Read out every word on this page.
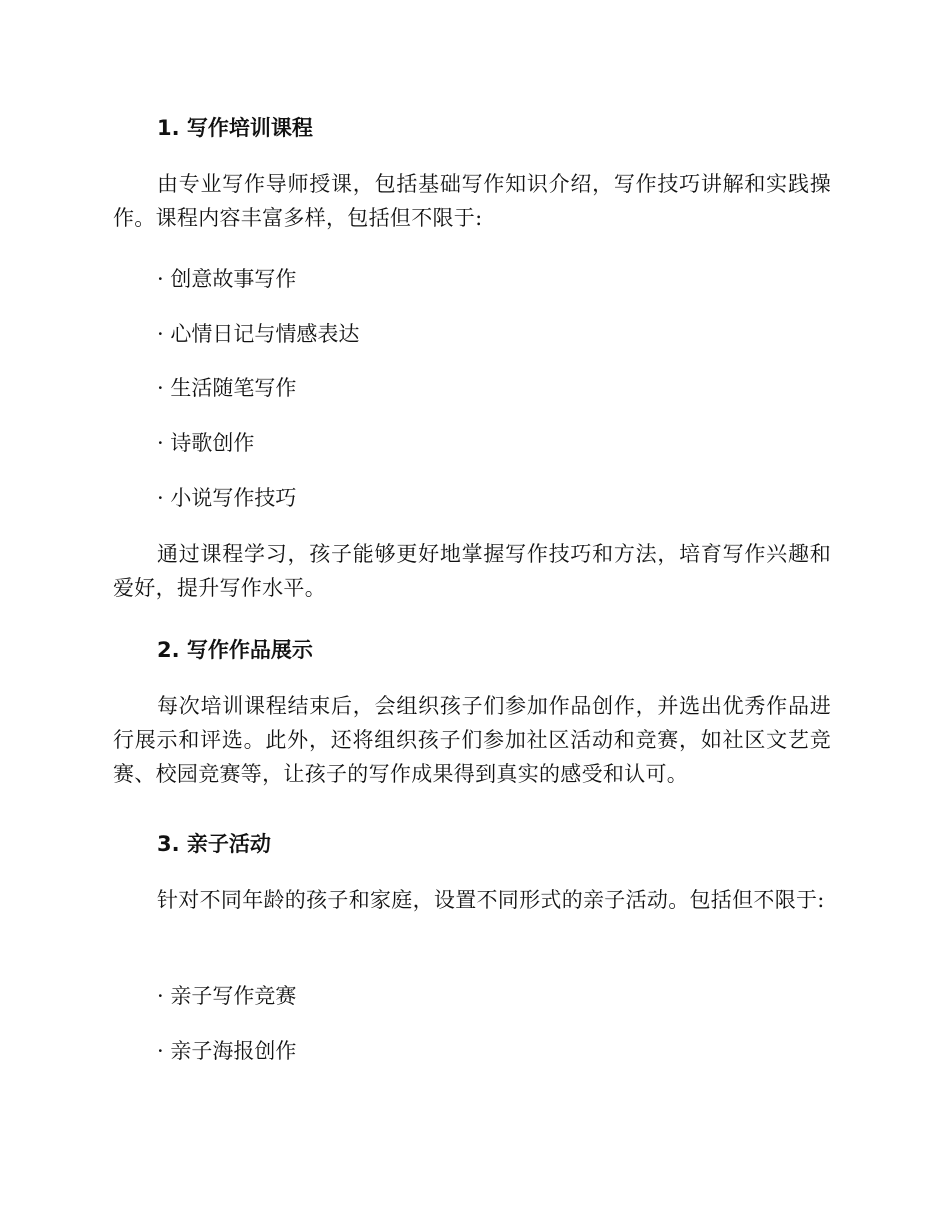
1. 写作培训课程

由专业写作导师授课，包括基础写作知识介绍，写作技巧讲解和实践操作。课程内容丰富多样，包括但不限于:

· 创意故事写作

· 心情日记与情感表达

· 生活随笔写作

· 诗歌创作

· 小说写作技巧

通过课程学习，孩子能够更好地掌握写作技巧和方法，培育写作兴趣和爱好，提升写作水平。

2. 写作作品展示

每次培训课程结束后，会组织孩子们参加作品创作，并选出优秀作品进行展示和评选。此外，还将组织孩子们参加社区活动和竞赛，如社区文艺竞赛、校园竞赛等，让孩子的写作成果得到真实的感受和认可。

3. 亲子活动

针对不同年龄的孩子和家庭，设置不同形式的亲子活动。包括但不限于:

· 亲子写作竞赛

· 亲子海报创作
